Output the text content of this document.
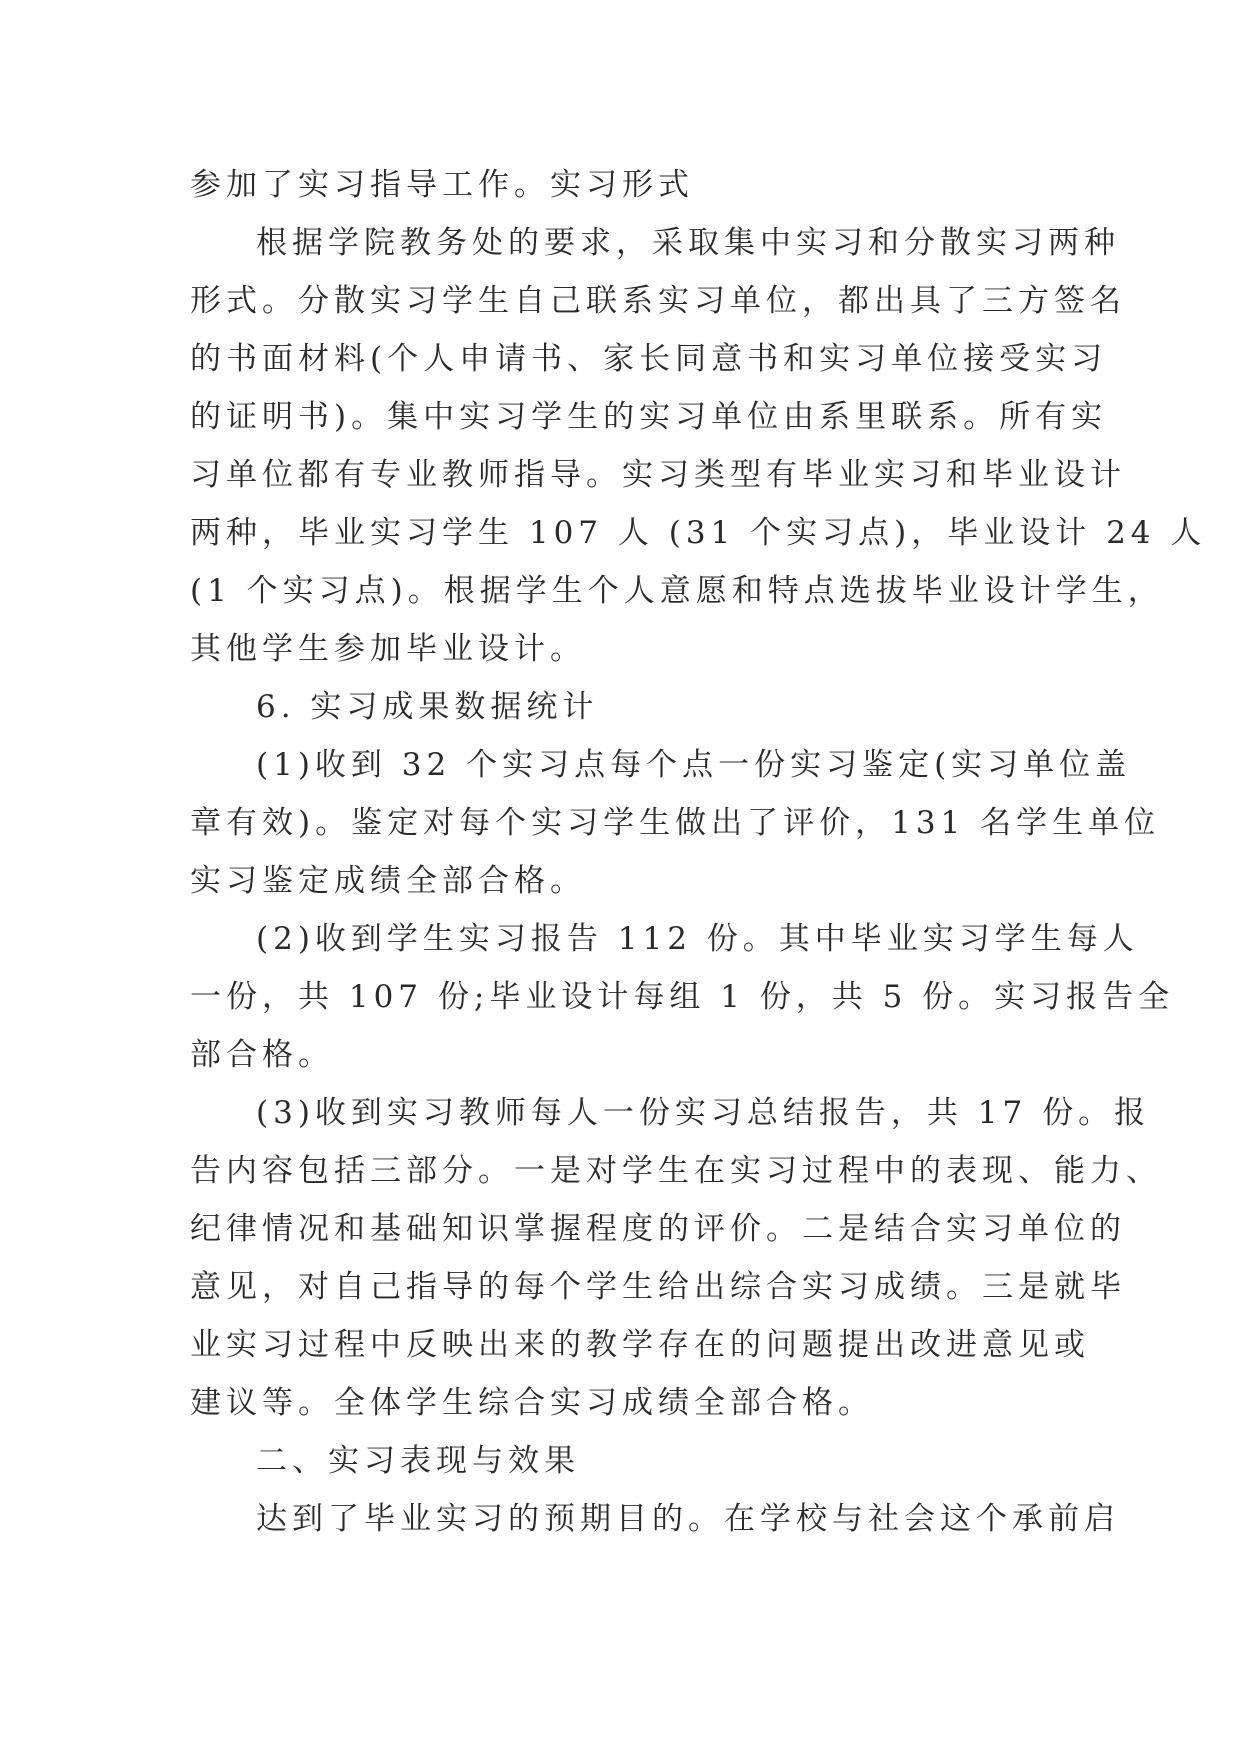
参加了实习指导工作。实习形式
根据学院教务处的要求，采取集中实习和分散实习两种
形式。分散实习学生自己联系实习单位，都出具了三方签名
的书面材料(个人申请书、家长同意书和实习单位接受实习
的证明书)。集中实习学生的实习单位由系里联系。所有实
习单位都有专业教师指导。实习类型有毕业实习和毕业设计
两种，毕业实习学生 107 人 (31 个实习点)，毕业设计 24 人
(1 个实习点)。根据学生个人意愿和特点选拔毕业设计学生，
其他学生参加毕业设计。
6. 实习成果数据统计
(1)收到 32 个实习点每个点一份实习鉴定(实习单位盖
章有效)。鉴定对每个实习学生做出了评价，131 名学生单位
实习鉴定成绩全部合格。
(2)收到学生实习报告 112 份。其中毕业实习学生每人
一份，共 107 份;毕业设计每组 1 份，共 5 份。实习报告全
部合格。
(3)收到实习教师每人一份实习总结报告，共 17 份。报
告内容包括三部分。一是对学生在实习过程中的表现、能力、
纪律情况和基础知识掌握程度的评价。二是结合实习单位的
意见，对自己指导的每个学生给出综合实习成绩。三是就毕
业实习过程中反映出来的教学存在的问题提出改进意见或
建议等。全体学生综合实习成绩全部合格。
二、实习表现与效果
达到了毕业实习的预期目的。在学校与社会这个承前启
